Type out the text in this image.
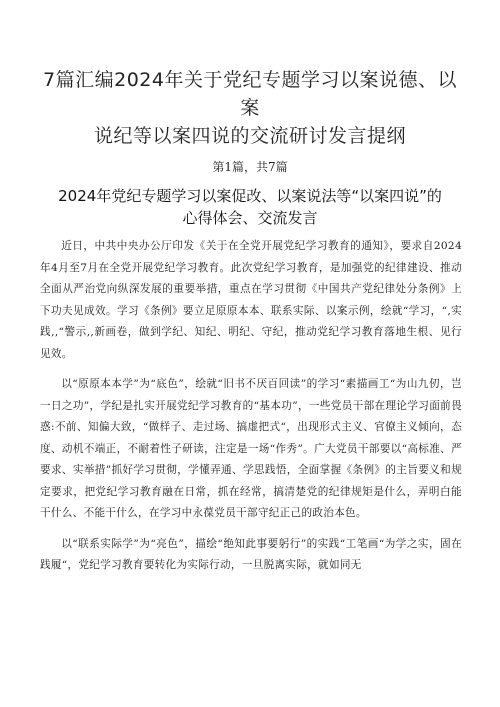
7篇汇编2024年关于党纪专题学习以案说德、以案
说纪等以案四说的交流研讨发言提纲

第1篇，共7篇

2024年党纪专题学习以案促改、以案说法等“以案四说”的
心得体会、交流发言

近日，中共中央办公厅印发《关于在全党开展党纪学习教育的通知》，要求自2024年4月至7月在全党开展党纪学习教育。此次党纪学习教育，是加强党的纪律建设、推动全面从严治党向纵深发展的重要举措，重点在学习贯彻《中国共产党纪律处分条例》上下功夫见成效。学习《条例》要立足原原本本、联系实际、以案示例，绘就“学习，“,实践,,“警示,,新画卷，做到学纪、知纪、明纪、守纪，推动党纪学习教育落地生根、见行见效。

以“原原本本学”为“底色”，绘就“旧书不厌百回读”的学习“素描画工“为山九仞，岂一日之功”，学纪是扎实开展党纪学习教育的“基本功”，一些党员干部在理论学习面前畏惑:不前、知偏大致，“做样子、走过场、搞虚把式“，出现形式主义、官僚主义倾向，态度、动机不端正，不耐着性子研读，注定是一场“作秀”。广大党员干部要以“高标准、严要求、实举措”抓好学习贯彻，学懂弄通、学思践悟，全面掌握《条例》的主旨要义和规定要求，把党纪学习教育融在日常，抓在经常，搞清楚党的纪律规矩是什么，弄明白能干什么、不能干什么，在学习中永葆党员干部守纪正己的政治本色。

以“联系实际学”为“亮色”，描绘“绝知此事要躬行”的实践“工笔画“为学之实，固在践履“，党纪学习教育要转化为实际行动，一旦脱离实际，就如同无
